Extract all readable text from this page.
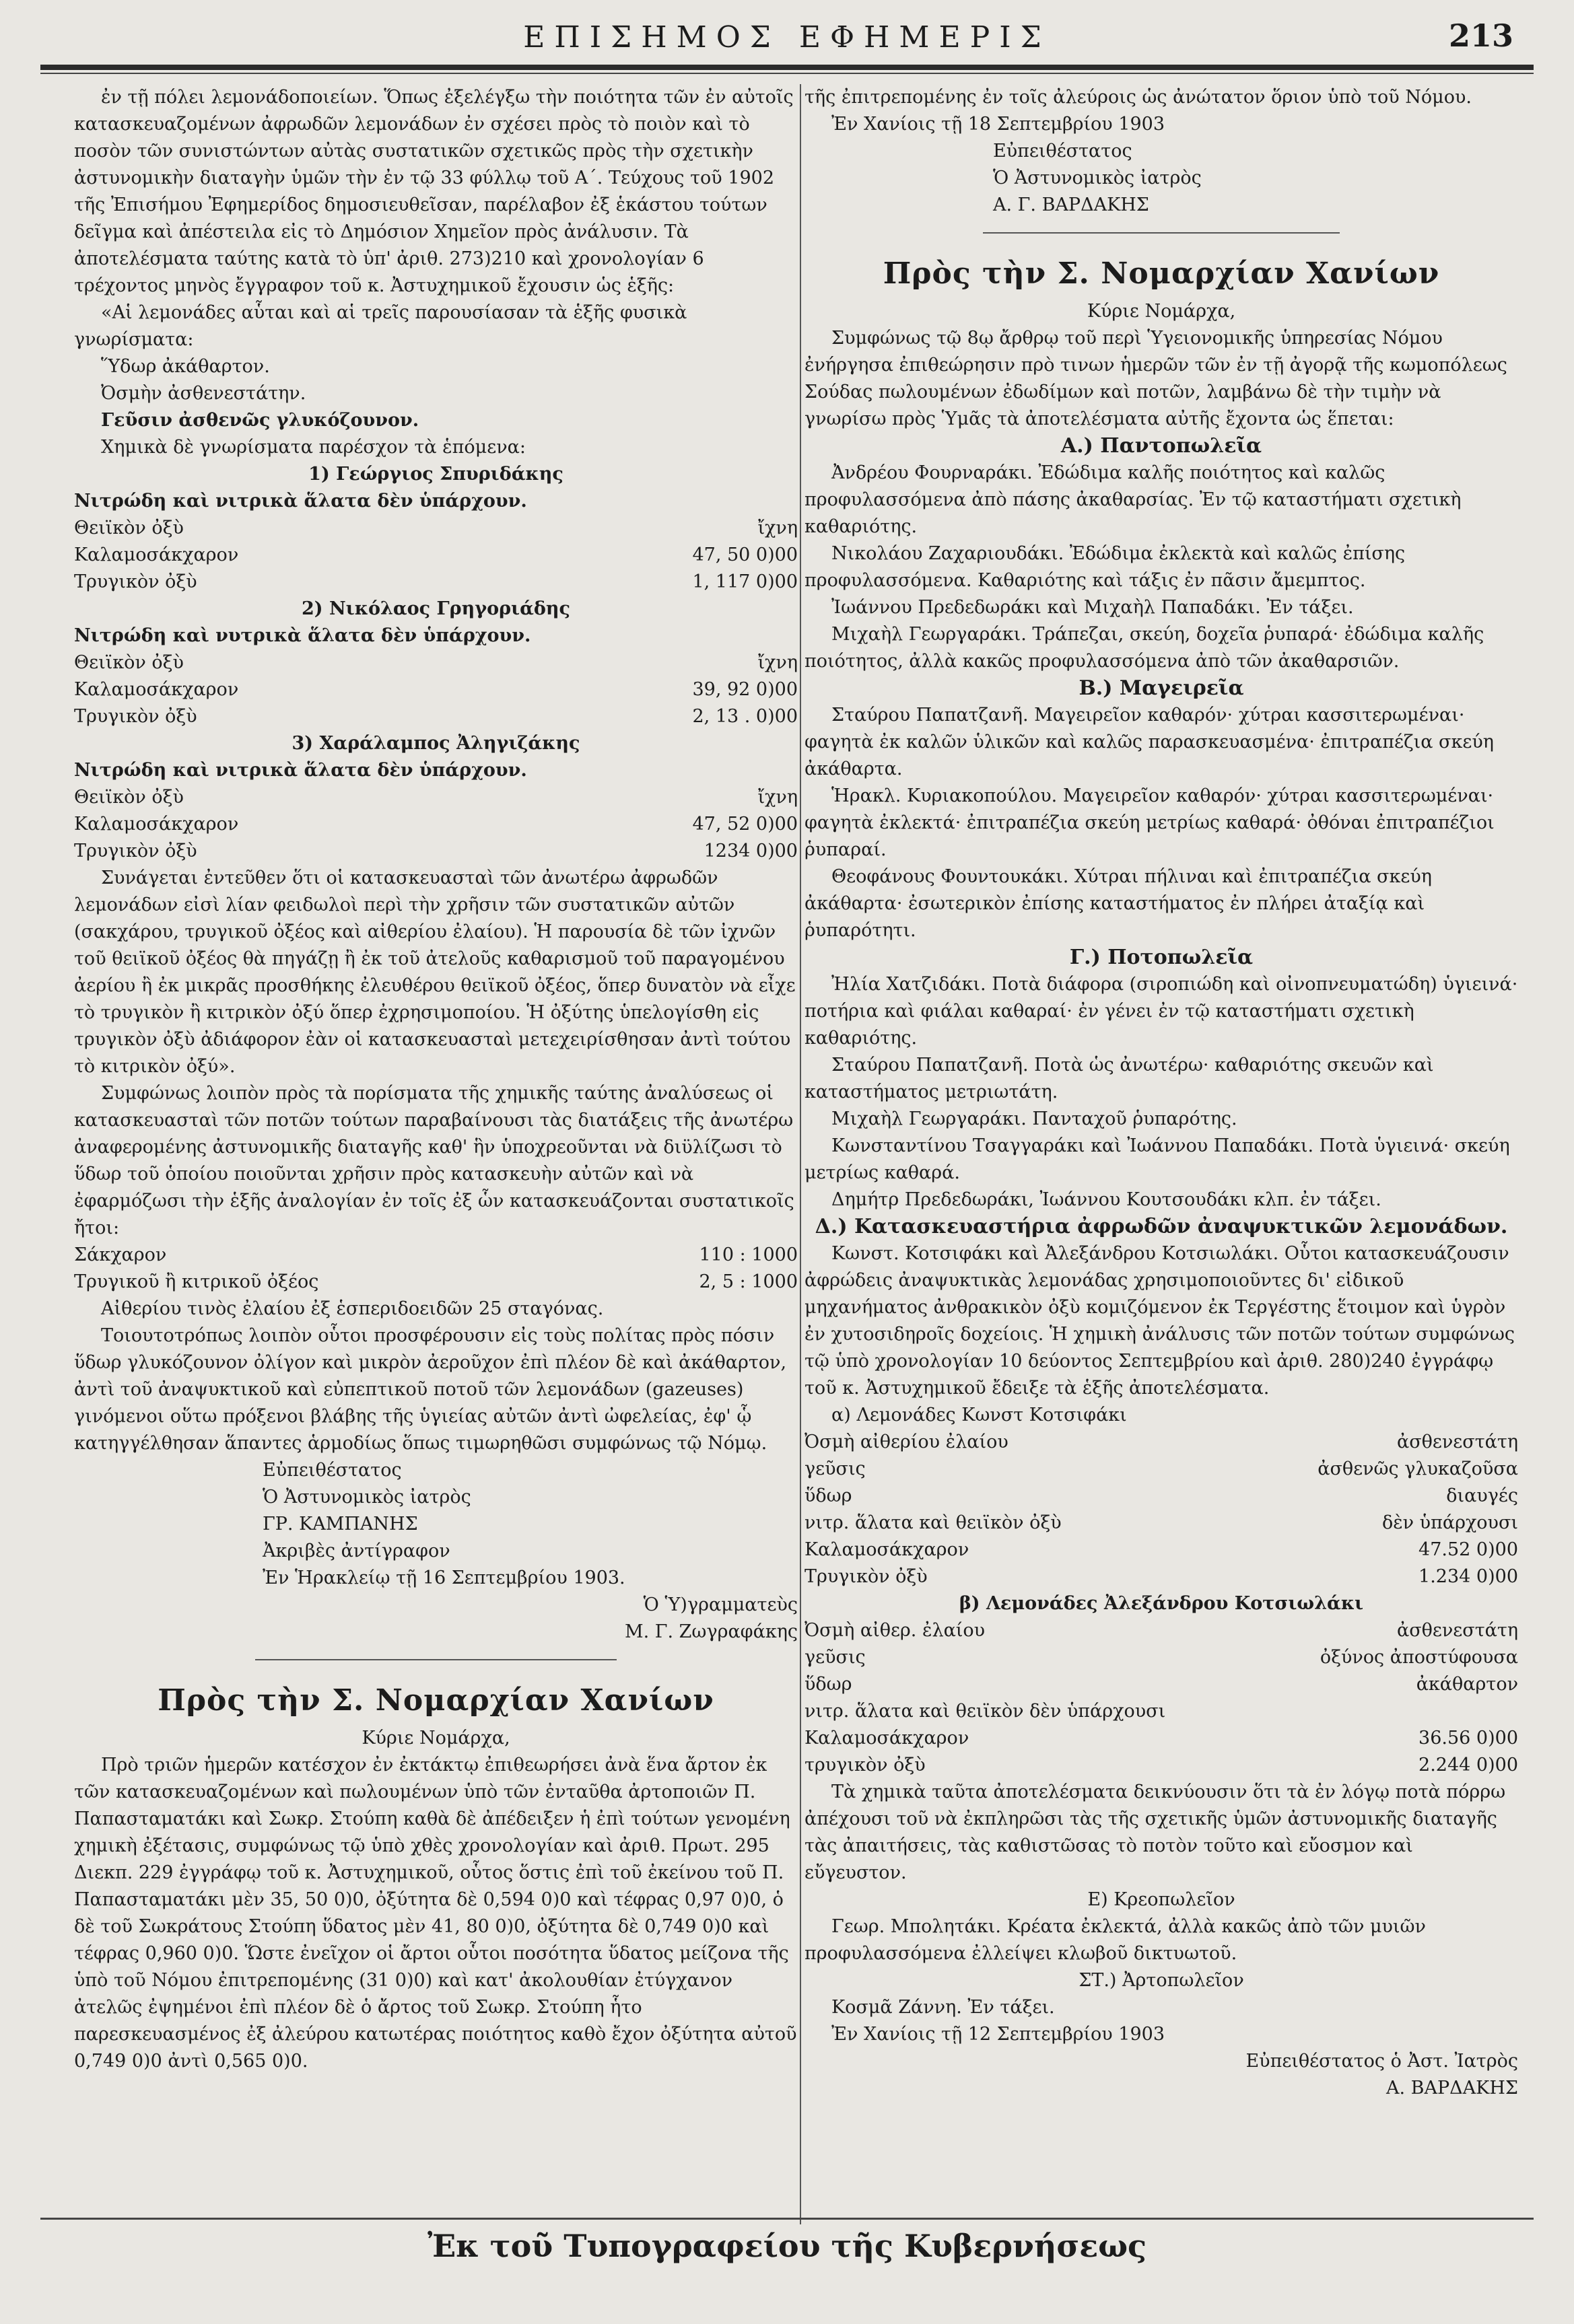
ΕΠΙΣΗΜΟΣ ΕΦΗΜΕΡΙΣ	213

ἐν τῇ πόλει λεμονάδοποιείων. Ὅπως ἐξελέγξω τὴν ποιότητα τῶν ἐν αὐτοῖς κατασκευαζομένων ἀφρωδῶν λεμονάδων ἐν σχέσει πρὸς τὸ ποιὸν καὶ τὸ ποσὸν τῶν συνιστώντων αὐτὰς συστατικῶν σχετικῶς πρὸς τὴν σχετικὴν ἀστυνομικὴν διαταγὴν ὑμῶν τὴν ἐν τῷ 33 φύλλῳ τοῦ Α΄. Τεύχους τοῦ 1902 τῆς Ἐπισήμου Ἐφημερίδος δημοσιευθεῖσαν, παρέλαβον ἐξ ἑκάστου τούτων δεῖγμα καὶ ἀπέστειλα εἰς τὸ Δημόσιον Χημεῖον πρὸς ἀνάλυσιν. Τὰ ἀποτελέσματα ταύτης κατὰ τὸ ὑπ' ἀριθ. 273)210 καὶ χρονολογίαν 6 τρέχοντος μηνὸς ἔγγραφον τοῦ κ. Ἀστυχημικοῦ ἔχουσιν ὡς ἑξῆς:

«Αἱ λεμονάδες αὗται καὶ αἱ τρεῖς παρουσίασαν τὰ ἑξῆς φυσικὰ γνωρίσματα:

Ὕδωρ ἀκάθαρτον.

Ὀσμὴν ἀσθενεστάτην.

Γεῦσιν ἀσθενῶς γλυκόζουνον.

Χημικὰ δὲ γνωρίσματα παρέσχον τὰ ἑπόμενα:

1) Γεώργιος Σπυριδάκης

Νιτρώδη καὶ νιτρικὰ ἅλατα δὲν ὑπάρχουν.

Θειϊκὸν ὀξὺ	ἴχνη
Καλαμοσάκχαρον	47, 50 0)00
Τρυγικὸν ὀξὺ	1, 117 0)00

2) Νικόλαος Γρηγοριάδης

Νιτρώδη καὶ νυτρικὰ ἅλατα δὲν ὑπάρχουν.

Θειϊκὸν ὀξὺ	ἴχνη
Καλαμοσάκχαρον	39, 92 0)00
Τρυγικὸν ὀξὺ	2, 13 . 0)00

3) Χαράλαμπος Ἀληγιζάκης

Νιτρώδη καὶ νιτρικὰ ἅλατα δὲν ὑπάρχουν.

Θειϊκὸν ὀξὺ	ἴχνη
Καλαμοσάκχαρον	47, 52 0)00
Τρυγικὸν ὀξὺ	1234 0)00

Συνάγεται ἐντεῦθεν ὅτι οἱ κατασκευασταὶ τῶν ἀνωτέρω ἀφρωδῶν λεμονάδων εἰσὶ λίαν φειδωλοὶ περὶ τὴν χρῆσιν τῶν συστατικῶν αὐτῶν (σακχάρου, τρυγικοῦ ὀξέος καὶ αἰθερίου ἐλαίου). Ἡ παρουσία δὲ τῶν ἰχνῶν τοῦ θειϊκοῦ ὀξέος θὰ πηγάζῃ ἢ ἐκ τοῦ ἀτελοῦς καθαρισμοῦ τοῦ παραγομένου ἀερίου ἢ ἐκ μικρᾶς προσθήκης ἐλευθέρου θειϊκοῦ ὀξέος, ὅπερ δυνατὸν νὰ εἶχε τὸ τρυγικὸν ἢ κιτρικὸν ὀξύ ὅπερ ἐχρησιμοποίου. Ἡ ὀξύτης ὑπελογίσθη εἰς τρυγικὸν ὀξὺ ἀδιάφορον ἐὰν οἱ κατασκευασταὶ μετεχειρίσθησαν ἀντὶ τούτου τὸ κιτρικὸν ὀξύ».

Συμφώνως λοιπὸν πρὸς τὰ πορίσματα τῆς χημικῆς ταύτης ἀναλύσεως οἱ κατασκευασταὶ τῶν ποτῶν τούτων παραβαίνουσι τὰς διατάξεις τῆς ἀνωτέρω ἀναφερομένης ἀστυνομικῆς διαταγῆς καθ' ἣν ὑποχρεοῦνται νὰ διϋλίζωσι τὸ ὕδωρ τοῦ ὁποίου ποιοῦνται χρῆσιν πρὸς κατασκευὴν αὐτῶν καὶ νὰ ἐφαρμόζωσι τὴν ἑξῆς ἀναλογίαν ἐν τοῖς ἐξ ὧν κατασκευάζονται συστατικοῖς ἤτοι:

Σάκχαρον	110 : 1000
Τρυγικοῦ ἢ κιτρικοῦ ὀξέος	2, 5 : 1000

Αἰθερίου τινὸς ἐλαίου ἐξ ἑσπεριδοειδῶν 25 σταγόνας.

Τοιουτοτρόπως λοιπὸν οὗτοι προσφέρουσιν εἰς τοὺς πολίτας πρὸς πόσιν ὕδωρ γλυκόζουνον ὀλίγον καὶ μικρὸν ἀεροῦχον ἐπὶ πλέον δὲ καὶ ἀκάθαρτον, ἀντὶ τοῦ ἀναψυκτικοῦ καὶ εὐπεπτικοῦ ποτοῦ τῶν λεμονάδων (gazeuses) γινόμενοι οὕτω πρόξενοι βλάβης τῆς ὑγιείας αὐτῶν ἀντὶ ὠφελείας, ἐφ' ᾧ κατηγγέλθησαν ἅπαντες ἁρμοδίως ὅπως τιμωρηθῶσι συμφώνως τῷ Νόμῳ.

Εὐπειθέστατος

Ὁ Ἀστυνομικὸς ἰατρὸς

ΓΡ. ΚΑΜΠΑΝΗΣ

Ἀκριβὲς ἀντίγραφον

Ἐν Ἡρακλείῳ τῇ 16 Σεπτεμβρίου 1903.

Ὁ Ὑ)γραμματεὺς

Μ. Γ. Ζωγραφάκης

Πρὸς τὴν Σ. Νομαρχίαν Χανίων

Κύριε Νομάρχα,

Πρὸ τριῶν ἡμερῶν κατέσχον ἐν ἐκτάκτῳ ἐπιθεωρήσει ἀνὰ ἕνα ἄρτον ἐκ τῶν κατασκευαζομένων καὶ πωλουμένων ὑπὸ τῶν ἐνταῦθα ἀρτοποιῶν Π. Παπασταματάκι καὶ Σωκρ. Στούπη καθὰ δὲ ἀπέδειξεν ἡ ἐπὶ τούτων γενομένη χημικὴ ἐξέτασις, συμφώνως τῷ ὑπὸ χθὲς χρονολογίαν καὶ ἀριθ. Πρωτ. 295 Διεκπ. 229 ἐγγράφῳ τοῦ κ. Ἀστυχημικοῦ, οὗτος ὅστις ἐπὶ τοῦ ἐκείνου τοῦ Π. Παπασταματάκι μὲν 35, 50 0)0, ὀξύτητα δὲ 0,594 0)0 καὶ τέφρας 0,97 0)0, ὁ δὲ τοῦ Σωκράτους Στούπη ὕδατος μὲν 41, 80 0)0, ὀξύτητα δὲ 0,749 0)0 καὶ τέφρας 0,960 0)0. Ὥστε ἐνεῖχον οἱ ἄρτοι οὗτοι ποσότητα ὕδατος μείζονα τῆς ὑπὸ τοῦ Νόμου ἐπιτρεπομένης (31 0)0) καὶ κατ' ἀκολουθίαν ἐτύγχανον ἀτελῶς ἐψημένοι ἐπὶ πλέον δὲ ὁ ἄρτος τοῦ Σωκρ. Στούπη ἧτο παρεσκευασμένος ἐξ ἀλεύρου κατωτέρας ποιότητος καθὸ ἔχον ὀξύτητα αὐτοῦ 0,749 0)0 ἀντὶ 0,565 0)0.

τῆς ἐπιτρεπομένης ἐν τοῖς ἀλεύροις ὡς ἀνώτατον ὅριον ὑπὸ τοῦ Νόμου.

Ἐν Χανίοις τῇ 18 Σεπτεμβρίου 1903

Εὐπειθέστατος

Ὁ Ἀστυνομικὸς ἰατρὸς

Α. Γ. ΒΑΡΔΑΚΗΣ

Πρὸς τὴν Σ. Νομαρχίαν Χανίων

Κύριε Νομάρχα,

Συμφώνως τῷ 8ῳ ἄρθρῳ τοῦ περὶ Ὑγειονομικῆς ὑπηρεσίας Νόμου ἐνήργησα ἐπιθεώρησιν πρὸ τινων ἡμερῶν τῶν ἐν τῇ ἀγορᾷ τῆς κωμοπόλεως Σούδας πωλουμένων ἐδωδίμων καὶ ποτῶν, λαμβάνω δὲ τὴν τιμὴν νὰ γνωρίσω πρὸς Ὑμᾶς τὰ ἀποτελέσματα αὐτῆς ἔχοντα ὡς ἕπεται:

Α.) Παντοπωλεῖα

Ἀνδρέου Φουρναράκι. Ἐδώδιμα καλῆς ποιότητος καὶ καλῶς προφυλασσόμενα ἀπὸ πάσης ἀκαθαρσίας. Ἐν τῷ καταστήματι σχετικὴ καθαριότης.

Νικολάου Ζαχαριουδάκι. Ἐδώδιμα ἐκλεκτὰ καὶ καλῶς ἐπίσης προφυλασσόμενα. Καθαριότης καὶ τάξις ἐν πᾶσιν ἄμεμπτος.

Ἰωάννου Πρεδεδωράκι καὶ Μιχαὴλ Παπαδάκι. Ἐν τάξει.

Μιχαὴλ Γεωργαράκι. Τράπεζαι, σκεύη, δοχεῖα ῥυπαρά· ἐδώδιμα καλῆς ποιότητος, ἀλλὰ κακῶς προφυλασσόμενα ἀπὸ τῶν ἀκαθαρσιῶν.

Β.) Μαγειρεῖα

Σταύρου Παπατζανῆ. Μαγειρεῖον καθαρόν· χύτραι κασσιτερωμέναι· φαγητὰ ἐκ καλῶν ὑλικῶν καὶ καλῶς παρασκευασμένα· ἐπιτραπέζια σκεύη ἀκάθαρτα.

Ἡρακλ. Κυριακοπούλου. Μαγειρεῖον καθαρόν· χύτραι κασσιτερωμέναι· φαγητὰ ἐκλεκτά· ἐπιτραπέζια σκεύη μετρίως καθαρά· ὀθόναι ἐπιτραπέζιοι ῥυπαραί.

Θεοφάνους Φουντουκάκι. Χύτραι πήλιναι καὶ ἐπιτραπέζια σκεύη ἀκάθαρτα· ἐσωτερικὸν ἐπίσης καταστήματος ἐν πλήρει ἀταξίᾳ καὶ ῥυπαρότητι.

Γ.) Ποτοπωλεῖα

Ἠλία Χατζιδάκι. Ποτὰ διάφορα (σιροπιώδη καὶ οἰνοπνευματώδη) ὑγιεινά· ποτήρια καὶ φιάλαι καθαραί· ἐν γένει ἐν τῷ καταστήματι σχετικὴ καθαριότης.

Σταύρου Παπατζανῆ. Ποτὰ ὡς ἀνωτέρω· καθαριότης σκευῶν καὶ καταστήματος μετριωτάτη.

Μιχαὴλ Γεωργαράκι. Πανταχοῦ ῥυπαρότης.

Κωνσταντίνου Τσαγγαράκι καὶ Ἰωάννου Παπαδάκι. Ποτὰ ὑγιεινά· σκεύη μετρίως καθαρά.

Δημήτρ Πρεδεδωράκι, Ἰωάννου Κουτσουδάκι κλπ. ἐν τάξει.

Δ.) Κατασκευαστήρια ἀφρωδῶν ἀναψυκτικῶν λεμονάδων.

Κωνστ. Κοτσιφάκι καὶ Ἀλεξάνδρου Κοτσιωλάκι. Οὗτοι κατασκευάζουσιν ἀφρώδεις ἀναψυκτικὰς λεμονάδας χρησιμοποιοῦντες δι' εἰδικοῦ μηχανήματος ἀνθρακικὸν ὀξὺ κομιζόμενον ἐκ Τεργέστης ἕτοιμον καὶ ὑγρὸν ἐν χυτοσιδηροῖς δοχείοις. Ἡ χημικὴ ἀνάλυσις τῶν ποτῶν τούτων συμφώνως τῷ ὑπὸ χρονολογίαν 10 δεύοντος Σεπτεμβρίου καὶ ἀριθ. 280)240 ἐγγράφῳ τοῦ κ. Ἀστυχημικοῦ ἔδειξε τὰ ἑξῆς ἀποτελέσματα.

α) Λεμονάδες Κωνστ Κοτσιφάκι

Ὀσμὴ αἰθερίου ἐλαίου	ἀσθενεστάτη
γεῦσις	ἀσθενῶς γλυκαζοῦσα
ὕδωρ	διαυγές
νιτρ. ἅλατα καὶ θειϊκὸν ὀξὺ	δὲν ὑπάρχουσι
Καλαμοσάκχαρον	47.52 0)00
Τρυγικὸν ὀξὺ	1.234 0)00

β) Λεμονάδες Ἀλεξάνδρου Κοτσιωλάκι

Ὀσμὴ αἰθερ. ἐλαίου	ἀσθενεστάτη
γεῦσις	ὀξύνος ἀποστύφουσα
ὕδωρ	ἀκάθαρτον
νιτρ. ἅλατα καὶ θειϊκὸν δὲν ὑπάρχουσι
Καλαμοσάκχαρον	36.56 0)00
τρυγικὸν ὀξὺ	2.244 0)00

Τὰ χημικὰ ταῦτα ἀποτελέσματα δεικνύουσιν ὅτι τὰ ἐν λόγῳ ποτὰ πόρρω ἀπέχουσι τοῦ νὰ ἐκπληρῶσι τὰς τῆς σχετικῆς ὑμῶν ἀστυνομικῆς διαταγῆς τὰς ἀπαιτήσεις, τὰς καθιστῶσας τὸ ποτὸν τοῦτο καὶ εὔοσμον καὶ εὔγευστον.

Ε) Κρεοπωλεῖον

Γεωρ. Μπολητάκι. Κρέατα ἐκλεκτά, ἀλλὰ κακῶς ἀπὸ τῶν μυιῶν προφυλασσόμενα ἐλλείψει κλωβοῦ δικτυωτοῦ.

ΣΤ.) Ἀρτοπωλεῖον

Κοσμᾶ Ζάννη. Ἐν τάξει.

Ἐν Χανίοις τῇ 12 Σεπτεμβρίου 1903

Εὐπειθέστατος ὁ Ἀστ. Ἰατρὸς

Α. ΒΑΡΔΑΚΗΣ

Ἐκ τοῦ Τυπογραφείου τῆς Κυβερνήσεως
